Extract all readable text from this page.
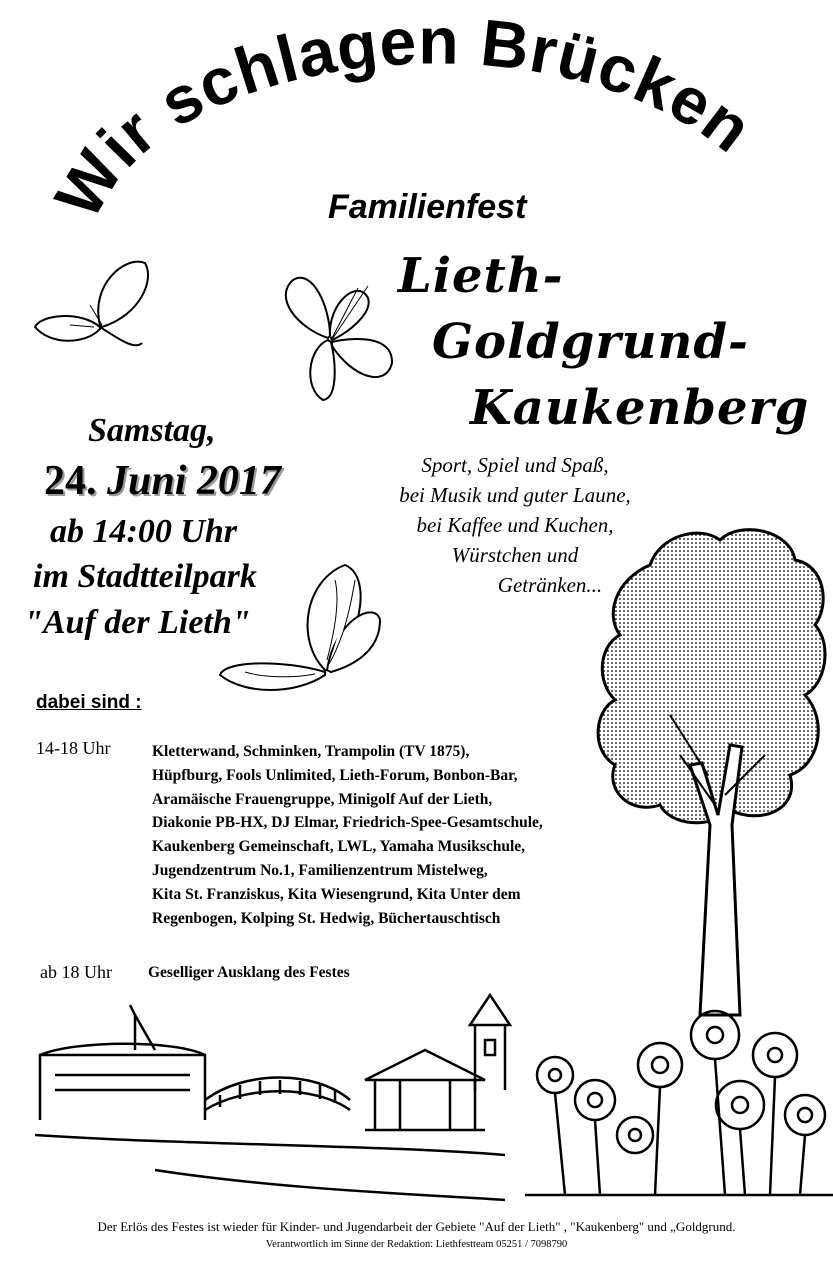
Wir schlagen Brücken
Familienfest
Lieth-
Goldgrund-
Kaukenberg
Samstag,
24. Juni 2017
ab 14:00 Uhr
im Stadtteilpark
"Auf der Lieth"
Sport, Spiel und Spaß,
bei Musik und guter Laune,
bei Kaffee und Kuchen,
Würstchen und
Getränken...
dabei sind :
14-18 Uhr	Kletterwand, Schminken, Trampolin (TV 1875),
Hüpfburg, Fools Unlimited, Lieth-Forum, Bonbon-Bar,
Aramäische Frauengruppe, Minigolf Auf der Lieth,
Diakonie PB-HX, DJ Elmar, Friedrich-Spee-Gesamtschule,
Kaukenberg Gemeinschaft, LWL, Yamaha Musikschule,
Jugendzentrum No.1, Familienzentrum Mistelweg,
Kita St. Franziskus, Kita Wiesengrund, Kita Unter dem
Regenbogen, Kolping St. Hedwig, Büchertauschtisch
ab 18 Uhr Geselliger Ausklang des Festes
Der Erlös des Festes ist wieder für Kinder- und Jugendarbeit der Gebiete "Auf der Lieth" , "Kaukenberg" und „Goldgrund.
Verantwortlich im Sinne der Redaktion: Liethfestteam 05251 / 7098790
